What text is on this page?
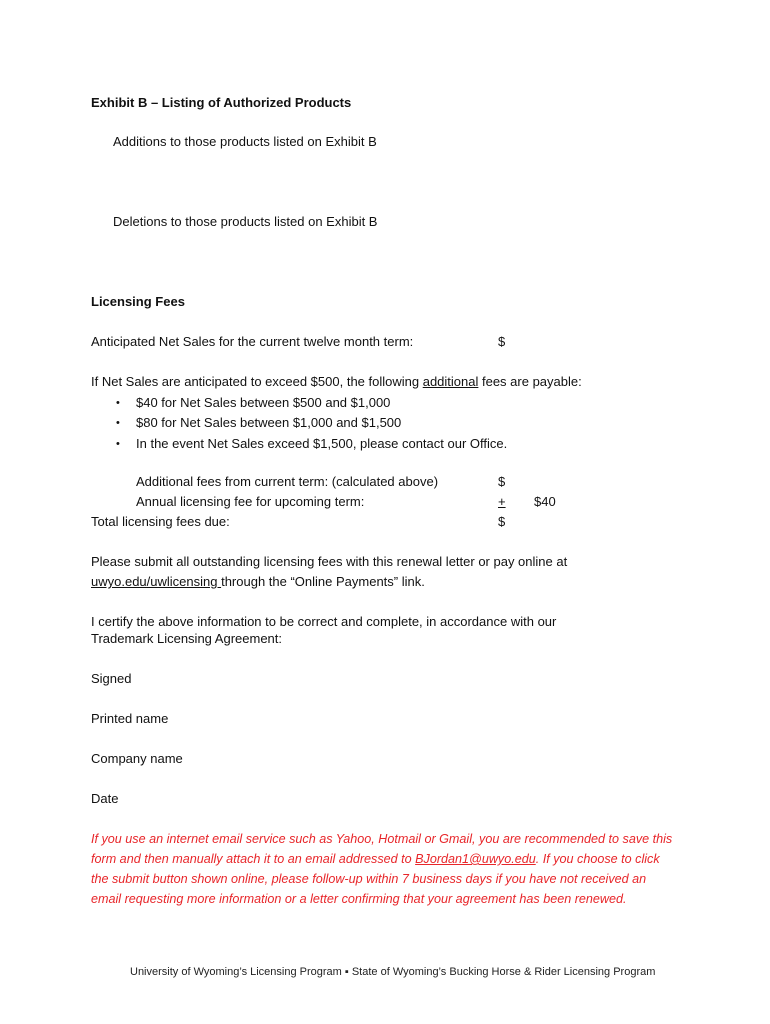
Exhibit B – Listing of Authorized Products
Additions to those products listed on Exhibit B
Deletions to those products listed on Exhibit B
Licensing Fees
Anticipated Net Sales for the current twelve month term:	$
If Net Sales are anticipated to exceed $500, the following additional fees are payable:
• $40 for Net Sales between $500 and $1,000
• $80 for Net Sales between $1,000 and $1,500
• In the event Net Sales exceed $1,500, please contact our Office.
Additional fees from current term: (calculated above)	$
Annual licensing fee for upcoming term:	+ $40
Total licensing fees due:	$
Please submit all outstanding licensing fees with this renewal letter or pay online at
uwyo.edu/uwlicensing through the “Online Payments” link.
I certify the above information to be correct and complete, in accordance with our
Trademark Licensing Agreement:
Signed
Printed name
Company name
Date
If you use an internet email service such as Yahoo, Hotmail or Gmail, you are recommended to save this
form and then manually attach it to an email addressed to BJordan1@uwyo.edu. If you choose to click
the submit button shown online, please follow-up within 7 business days if you have not received an
email requesting more information or a letter confirming that your agreement has been renewed.
University of Wyoming’s Licensing Program ▪ State of Wyoming’s Bucking Horse & Rider Licensing Program
